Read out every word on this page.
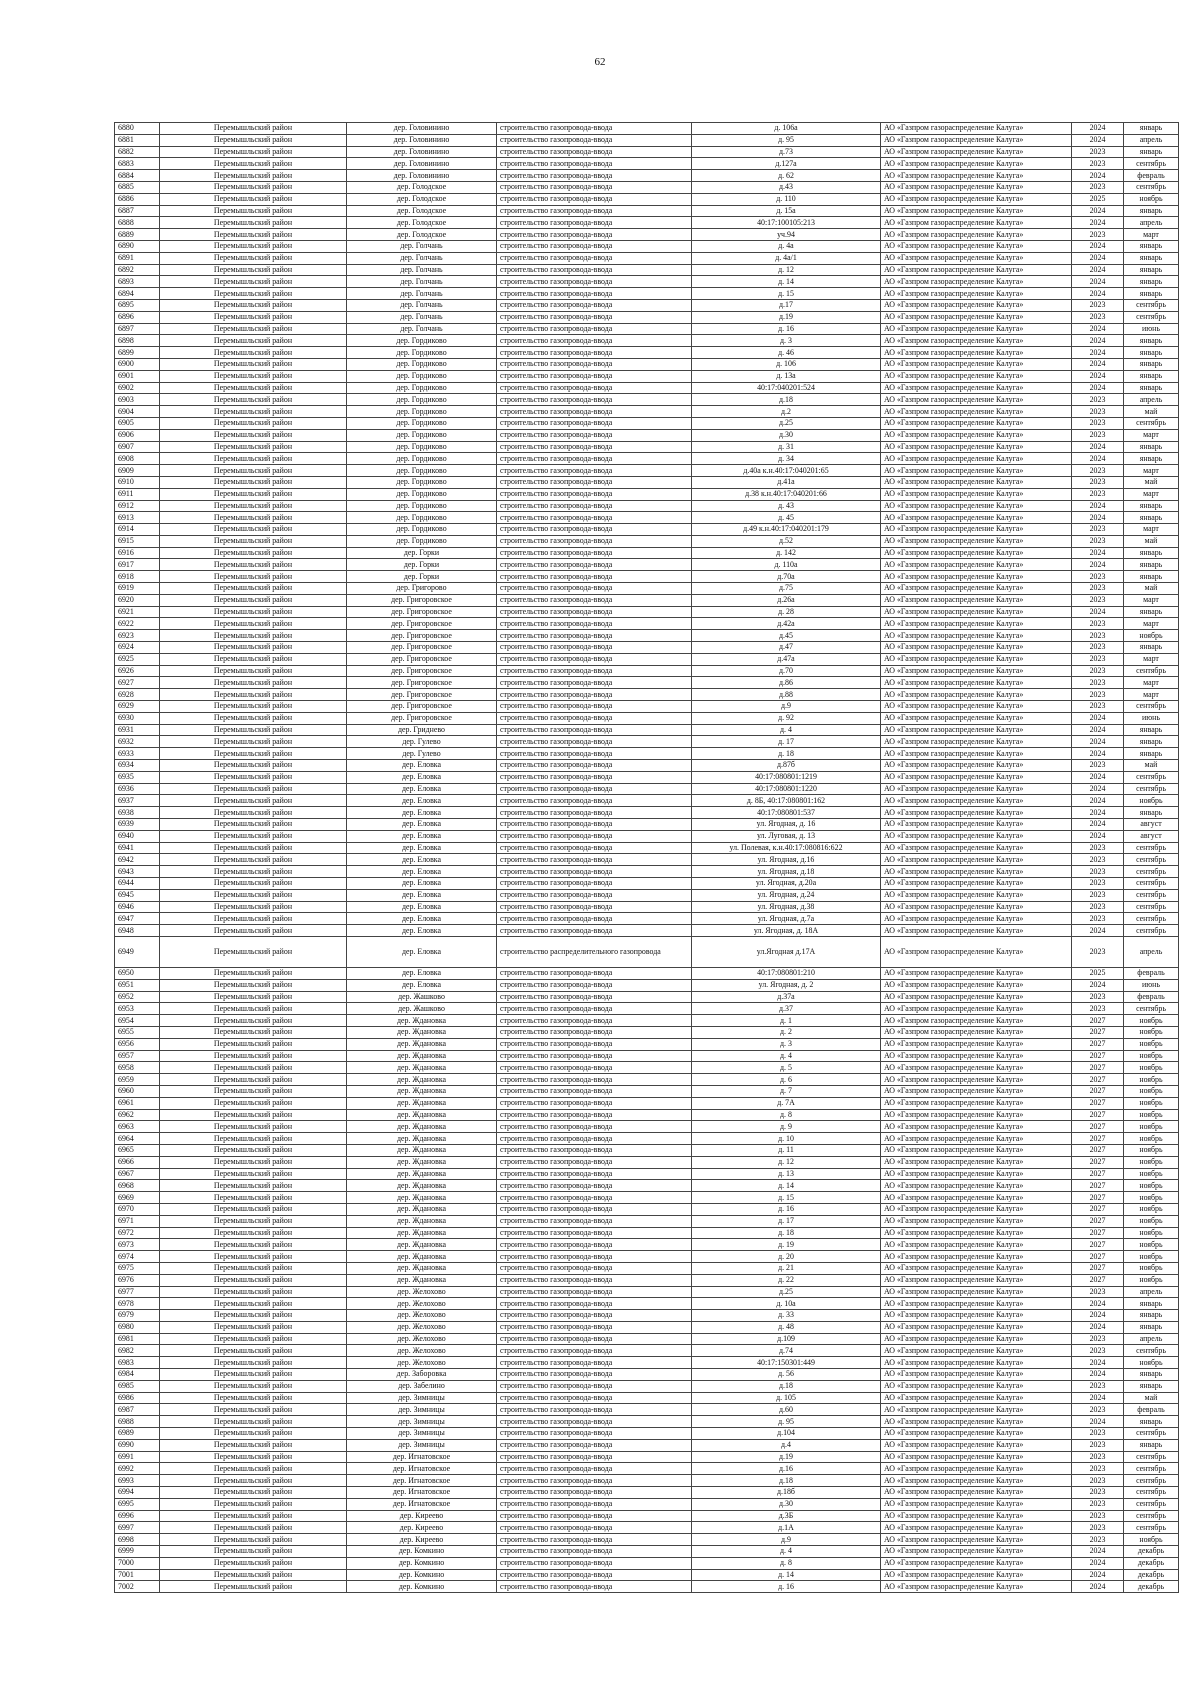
62
6880	Перемышльский район	дер. Головинино	строительство газопровода-ввода	д. 106а	АО «Газпром газораспределение Калуга»	2024	январь
6881	Перемышльский район	дер. Головинино	строительство газопровода-ввода	д. 95	АО «Газпром газораспределение Калуга»	2024	апрель
6882	Перемышльский район	дер. Головинино	строительство газопровода-ввода	д.73	АО «Газпром газораспределение Калуга»	2023	январь
6883	Перемышльский район	дер. Головинино	строительство газопровода-ввода	д.127а	АО «Газпром газораспределение Калуга»	2023	сентябрь
6884	Перемышльский район	дер. Головинино	строительство газопровода-ввода	д. 62	АО «Газпром газораспределение Калуга»	2024	февраль
6885	Перемышльский район	дер. Голодское	строительство газопровода-ввода	д.43	АО «Газпром газораспределение Калуга»	2023	сентябрь
6886	Перемышльский район	дер. Голодское	строительство газопровода-ввода	д. 110	АО «Газпром газораспределение Калуга»	2025	ноябрь
6887	Перемышльский район	дер. Голодское	строительство газопровода-ввода	д. 15а	АО «Газпром газораспределение Калуга»	2024	январь
6888	Перемышльский район	дер. Голодское	строительство газопровода-ввода	40:17:100105:213	АО «Газпром газораспределение Калуга»	2024	апрель
6889	Перемышльский район	дер. Голодское	строительство газопровода-ввода	уч.94	АО «Газпром газораспределение Калуга»	2023	март
6890	Перемышльский район	дер. Голчань	строительство газопровода-ввода	д. 4а	АО «Газпром газораспределение Калуга»	2024	январь
6891	Перемышльский район	дер. Голчань	строительство газопровода-ввода	д. 4а/1	АО «Газпром газораспределение Калуга»	2024	январь
6892	Перемышльский район	дер. Голчань	строительство газопровода-ввода	д. 12	АО «Газпром газораспределение Калуга»	2024	январь
6893	Перемышльский район	дер. Голчань	строительство газопровода-ввода	д. 14	АО «Газпром газораспределение Калуга»	2024	январь
6894	Перемышльский район	дер. Голчань	строительство газопровода-ввода	д. 15	АО «Газпром газораспределение Калуга»	2024	январь
6895	Перемышльский район	дер. Голчань	строительство газопровода-ввода	д.17	АО «Газпром газораспределение Калуга»	2023	сентябрь
6896	Перемышльский район	дер. Голчань	строительство газопровода-ввода	д.19	АО «Газпром газораспределение Калуга»	2023	сентябрь
6897	Перемышльский район	дер. Голчань	строительство газопровода-ввода	д. 16	АО «Газпром газораспределение Калуга»	2024	июнь
6898	Перемышльский район	дер. Гордиково	строительство газопровода-ввода	д. 3	АО «Газпром газораспределение Калуга»	2024	январь
6899	Перемышльский район	дер. Гордиково	строительство газопровода-ввода	д. 46	АО «Газпром газораспределение Калуга»	2024	январь
6900	Перемышльский район	дер. Гордиково	строительство газопровода-ввода	д. 106	АО «Газпром газораспределение Калуга»	2024	январь
6901	Перемышльский район	дер. Гордиково	строительство газопровода-ввода	д. 13а	АО «Газпром газораспределение Калуга»	2024	январь
6902	Перемышльский район	дер. Гордиково	строительство газопровода-ввода	40:17:040201:524	АО «Газпром газораспределение Калуга»	2024	январь
6903	Перемышльский район	дер. Гордиково	строительство газопровода-ввода	д.18	АО «Газпром газораспределение Калуга»	2023	апрель
6904	Перемышльский район	дер. Гордиково	строительство газопровода-ввода	д.2	АО «Газпром газораспределение Калуга»	2023	май
6905	Перемышльский район	дер. Гордиково	строительство газопровода-ввода	д.25	АО «Газпром газораспределение Калуга»	2023	сентябрь
6906	Перемышльский район	дер. Гордиково	строительство газопровода-ввода	д.30	АО «Газпром газораспределение Калуга»	2023	март
6907	Перемышльский район	дер. Гордиково	строительство газопровода-ввода	д. 31	АО «Газпром газораспределение Калуга»	2024	январь
6908	Перемышльский район	дер. Гордиково	строительство газопровода-ввода	д. 34	АО «Газпром газораспределение Калуга»	2024	январь
6909	Перемышльский район	дер. Гордиково	строительство газопровода-ввода	д.40а к.н.40:17:040201:65	АО «Газпром газораспределение Калуга»	2023	март
6910	Перемышльский район	дер. Гордиково	строительство газопровода-ввода	д.41а	АО «Газпром газораспределение Калуга»	2023	май
6911	Перемышльский район	дер. Гордиково	строительство газопровода-ввода	д.38 к.н.40:17:040201:66	АО «Газпром газораспределение Калуга»	2023	март
6912	Перемышльский район	дер. Гордиково	строительство газопровода-ввода	д. 43	АО «Газпром газораспределение Калуга»	2024	январь
6913	Перемышльский район	дер. Гордиково	строительство газопровода-ввода	д. 45	АО «Газпром газораспределение Калуга»	2024	январь
6914	Перемышльский район	дер. Гордиково	строительство газопровода-ввода	д.49 к.н.40:17:040201:179	АО «Газпром газораспределение Калуга»	2023	март
6915	Перемышльский район	дер. Гордиково	строительство газопровода-ввода	д.52	АО «Газпром газораспределение Калуга»	2023	май
6916	Перемышльский район	дер. Горки	строительство газопровода-ввода	д. 142	АО «Газпром газораспределение Калуга»	2024	январь
6917	Перемышльский район	дер. Горки	строительство газопровода-ввода	д. 110а	АО «Газпром газораспределение Калуга»	2024	январь
6918	Перемышльский район	дер. Горки	строительство газопровода-ввода	д.70а	АО «Газпром газораспределение Калуга»	2023	январь
6919	Перемышльский район	дер. Григорово	строительство газопровода-ввода	д.75	АО «Газпром газораспределение Калуга»	2023	май
6920	Перемышльский район	дер. Григоровское	строительство газопровода-ввода	д.26а	АО «Газпром газораспределение Калуга»	2023	март
6921	Перемышльский район	дер. Григоровское	строительство газопровода-ввода	д. 28	АО «Газпром газораспределение Калуга»	2024	январь
6922	Перемышльский район	дер. Григоровское	строительство газопровода-ввода	д.42а	АО «Газпром газораспределение Калуга»	2023	март
6923	Перемышльский район	дер. Григоровское	строительство газопровода-ввода	д.45	АО «Газпром газораспределение Калуга»	2023	ноябрь
6924	Перемышльский район	дер. Григоровское	строительство газопровода-ввода	д.47	АО «Газпром газораспределение Калуга»	2023	январь
6925	Перемышльский район	дер. Григоровское	строительство газопровода-ввода	д.47а	АО «Газпром газораспределение Калуга»	2023	март
6926	Перемышльский район	дер. Григоровское	строительство газопровода-ввода	д.70	АО «Газпром газораспределение Калуга»	2023	сентябрь
6927	Перемышльский район	дер. Григоровское	строительство газопровода-ввода	д.86	АО «Газпром газораспределение Калуга»	2023	март
6928	Перемышльский район	дер. Григоровское	строительство газопровода-ввода	д.88	АО «Газпром газораспределение Калуга»	2023	март
6929	Перемышльский район	дер. Григоровское	строительство газопровода-ввода	д.9	АО «Газпром газораспределение Калуга»	2023	сентябрь
6930	Перемышльский район	дер. Григоровское	строительство газопровода-ввода	д. 92	АО «Газпром газораспределение Калуга»	2024	июнь
6931	Перемышльский район	дер. Гриднево	строительство газопровода-ввода	д. 4	АО «Газпром газораспределение Калуга»	2024	январь
6932	Перемышльский район	дер. Гулево	строительство газопровода-ввода	д. 17	АО «Газпром газораспределение Калуга»	2024	январь
6933	Перемышльский район	дер. Гулево	строительство газопровода-ввода	д. 18	АО «Газпром газораспределение Калуга»	2024	январь
6934	Перемышльский район	дер. Еловка	строительство газопровода-ввода	д.87б	АО «Газпром газораспределение Калуга»	2023	май
6935	Перемышльский район	дер. Еловка	строительство газопровода-ввода	40:17:080801:1219	АО «Газпром газораспределение Калуга»	2024	сентябрь
6936	Перемышльский район	дер. Еловка	строительство газопровода-ввода	40:17:080801:1220	АО «Газпром газораспределение Калуга»	2024	сентябрь
6937	Перемышльский район	дер. Еловка	строительство газопровода-ввода	д. 8Б, 40:17:080801:162	АО «Газпром газораспределение Калуга»	2024	ноябрь
6938	Перемышльский район	дер. Еловка	строительство газопровода-ввода	40:17:080801:537	АО «Газпром газораспределение Калуга»	2024	январь
6939	Перемышльский район	дер. Еловка	строительство газопровода-ввода	ул. Ягодная, д. 16	АО «Газпром газораспределение Калуга»	2024	август
6940	Перемышльский район	дер. Еловка	строительство газопровода-ввода	ул. Луговая, д. 13	АО «Газпром газораспределение Калуга»	2024	август
6941	Перемышльский район	дер. Еловка	строительство газопровода-ввода	ул. Полевая, к.н.40:17:080816:622	АО «Газпром газораспределение Калуга»	2023	сентябрь
6942	Перемышльский район	дер. Еловка	строительство газопровода-ввода	ул. Ягодная, д.16	АО «Газпром газораспределение Калуга»	2023	сентябрь
6943	Перемышльский район	дер. Еловка	строительство газопровода-ввода	ул. Ягодная, д.18	АО «Газпром газораспределение Калуга»	2023	сентябрь
6944	Перемышльский район	дер. Еловка	строительство газопровода-ввода	ул. Ягодная, д.20а	АО «Газпром газораспределение Калуга»	2023	сентябрь
6945	Перемышльский район	дер. Еловка	строительство газопровода-ввода	ул. Ягодная, д.24	АО «Газпром газораспределение Калуга»	2023	сентябрь
6946	Перемышльский район	дер. Еловка	строительство газопровода-ввода	ул. Ягодная, д.38	АО «Газпром газораспределение Калуга»	2023	сентябрь
6947	Перемышльский район	дер. Еловка	строительство газопровода-ввода	ул. Ягодная, д.7а	АО «Газпром газораспределение Калуга»	2023	сентябрь
6948	Перемышльский район	дер. Еловка	строительство газопровода-ввода	ул. Ягодная, д. 18А	АО «Газпром газораспределение Калуга»	2024	сентябрь
6949	Перемышльский район	дер. Еловка	строительство распределительного газопровода	ул.Ягодная д.17А	АО «Газпром газораспределение Калуга»	2023	апрель
6950	Перемышльский район	дер. Еловка	строительство газопровода-ввода	40:17:080801:210	АО «Газпром газораспределение Калуга»	2025	февраль
6951	Перемышльский район	дер. Еловка	строительство газопровода-ввода	ул. Ягодная, д. 2	АО «Газпром газораспределение Калуга»	2024	июнь
6952	Перемышльский район	дер. Жашково	строительство газопровода-ввода	д.37а	АО «Газпром газораспределение Калуга»	2023	февраль
6953	Перемышльский район	дер. Жашково	строительство газопровода-ввода	д.37	АО «Газпром газораспределение Калуга»	2023	сентябрь
6954	Перемышльский район	дер. Ждановка	строительство газопровода-ввода	д. 1	АО «Газпром газораспределение Калуга»	2027	ноябрь
6955	Перемышльский район	дер. Ждановка	строительство газопровода-ввода	д. 2	АО «Газпром газораспределение Калуга»	2027	ноябрь
6956	Перемышльский район	дер. Ждановка	строительство газопровода-ввода	д. 3	АО «Газпром газораспределение Калуга»	2027	ноябрь
6957	Перемышльский район	дер. Ждановка	строительство газопровода-ввода	д. 4	АО «Газпром газораспределение Калуга»	2027	ноябрь
6958	Перемышльский район	дер. Ждановка	строительство газопровода-ввода	д. 5	АО «Газпром газораспределение Калуга»	2027	ноябрь
6959	Перемышльский район	дер. Ждановка	строительство газопровода-ввода	д. 6	АО «Газпром газораспределение Калуга»	2027	ноябрь
6960	Перемышльский район	дер. Ждановка	строительство газопровода-ввода	д. 7	АО «Газпром газораспределение Калуга»	2027	ноябрь
6961	Перемышльский район	дер. Ждановка	строительство газопровода-ввода	д. 7А	АО «Газпром газораспределение Калуга»	2027	ноябрь
6962	Перемышльский район	дер. Ждановка	строительство газопровода-ввода	д. 8	АО «Газпром газораспределение Калуга»	2027	ноябрь
6963	Перемышльский район	дер. Ждановка	строительство газопровода-ввода	д. 9	АО «Газпром газораспределение Калуга»	2027	ноябрь
6964	Перемышльский район	дер. Ждановка	строительство газопровода-ввода	д. 10	АО «Газпром газораспределение Калуга»	2027	ноябрь
6965	Перемышльский район	дер. Ждановка	строительство газопровода-ввода	д. 11	АО «Газпром газораспределение Калуга»	2027	ноябрь
6966	Перемышльский район	дер. Ждановка	строительство газопровода-ввода	д. 12	АО «Газпром газораспределение Калуга»	2027	ноябрь
6967	Перемышльский район	дер. Ждановка	строительство газопровода-ввода	д. 13	АО «Газпром газораспределение Калуга»	2027	ноябрь
6968	Перемышльский район	дер. Ждановка	строительство газопровода-ввода	д. 14	АО «Газпром газораспределение Калуга»	2027	ноябрь
6969	Перемышльский район	дер. Ждановка	строительство газопровода-ввода	д. 15	АО «Газпром газораспределение Калуга»	2027	ноябрь
6970	Перемышльский район	дер. Ждановка	строительство газопровода-ввода	д. 16	АО «Газпром газораспределение Калуга»	2027	ноябрь
6971	Перемышльский район	дер. Ждановка	строительство газопровода-ввода	д. 17	АО «Газпром газораспределение Калуга»	2027	ноябрь
6972	Перемышльский район	дер. Ждановка	строительство газопровода-ввода	д. 18	АО «Газпром газораспределение Калуга»	2027	ноябрь
6973	Перемышльский район	дер. Ждановка	строительство газопровода-ввода	д. 19	АО «Газпром газораспределение Калуга»	2027	ноябрь
6974	Перемышльский район	дер. Ждановка	строительство газопровода-ввода	д. 20	АО «Газпром газораспределение Калуга»	2027	ноябрь
6975	Перемышльский район	дер. Ждановка	строительство газопровода-ввода	д. 21	АО «Газпром газораспределение Калуга»	2027	ноябрь
6976	Перемышльский район	дер. Ждановка	строительство газопровода-ввода	д. 22	АО «Газпром газораспределение Калуга»	2027	ноябрь
6977	Перемышльский район	дер. Желохово	строительство газопровода-ввода	д.25	АО «Газпром газораспределение Калуга»	2023	апрель
6978	Перемышльский район	дер. Желохово	строительство газопровода-ввода	д. 10а	АО «Газпром газораспределение Калуга»	2024	январь
6979	Перемышльский район	дер. Желохово	строительство газопровода-ввода	д. 33	АО «Газпром газораспределение Калуга»	2024	январь
6980	Перемышльский район	дер. Желохово	строительство газопровода-ввода	д. 48	АО «Газпром газораспределение Калуга»	2024	январь
6981	Перемышльский район	дер. Желохово	строительство газопровода-ввода	д.109	АО «Газпром газораспределение Калуга»	2023	апрель
6982	Перемышльский район	дер. Желохово	строительство газопровода-ввода	д.74	АО «Газпром газораспределение Калуга»	2023	сентябрь
6983	Перемышльский район	дер. Желохово	строительство газопровода-ввода	40:17:150301:449	АО «Газпром газораспределение Калуга»	2024	ноябрь
6984	Перемышльский район	дер. Заборовка	строительство газопровода-ввода	д. 56	АО «Газпром газораспределение Калуга»	2024	январь
6985	Перемышльский район	дер. Забелино	строительство газопровода-ввода	д.18	АО «Газпром газораспределение Калуга»	2023	январь
6986	Перемышльский район	дер. Зимницы	строительство газопровода-ввода	д. 105	АО «Газпром газораспределение Калуга»	2024	май
6987	Перемышльский район	дер. Зимницы	строительство газопровода-ввода	д.60	АО «Газпром газораспределение Калуга»	2023	февраль
6988	Перемышльский район	дер. Зимницы	строительство газопровода-ввода	д. 95	АО «Газпром газораспределение Калуга»	2024	январь
6989	Перемышльский район	дер. Зимницы	строительство газопровода-ввода	д.104	АО «Газпром газораспределение Калуга»	2023	сентябрь
6990	Перемышльский район	дер. Зимницы	строительство газопровода-ввода	д.4	АО «Газпром газораспределение Калуга»	2023	январь
6991	Перемышльский район	дер. Игнатовское	строительство газопровода-ввода	д.19	АО «Газпром газораспределение Калуга»	2023	сентябрь
6992	Перемышльский район	дер. Игнатовское	строительство газопровода-ввода	д.16	АО «Газпром газораспределение Калуга»	2023	сентябрь
6993	Перемышльский район	дер. Игнатовское	строительство газопровода-ввода	д.18	АО «Газпром газораспределение Калуга»	2023	сентябрь
6994	Перемышльский район	дер. Игнатовское	строительство газопровода-ввода	д.18б	АО «Газпром газораспределение Калуга»	2023	сентябрь
6995	Перемышльский район	дер. Игнатовское	строительство газопровода-ввода	д.30	АО «Газпром газораспределение Калуга»	2023	сентябрь
6996	Перемышльский район	дер. Киреево	строительство газопровода-ввода	д.3Б	АО «Газпром газораспределение Калуга»	2023	сентябрь
6997	Перемышльский район	дер. Киреево	строительство газопровода-ввода	д.1А	АО «Газпром газораспределение Калуга»	2023	сентябрь
6998	Перемышльский район	дер. Киреево	строительство газопровода-ввода	д.9	АО «Газпром газораспределение Калуга»	2023	ноябрь
6999	Перемышльский район	дер. Комкино	строительство газопровода-ввода	д. 4	АО «Газпром газораспределение Калуга»	2024	декабрь
7000	Перемышльский район	дер. Комкино	строительство газопровода-ввода	д. 8	АО «Газпром газораспределение Калуга»	2024	декабрь
7001	Перемышльский район	дер. Комкино	строительство газопровода-ввода	д. 14	АО «Газпром газораспределение Калуга»	2024	декабрь
7002	Перемышльский район	дер. Комкино	строительство газопровода-ввода	д. 16	АО «Газпром газораспределение Калуга»	2024	декабрь
